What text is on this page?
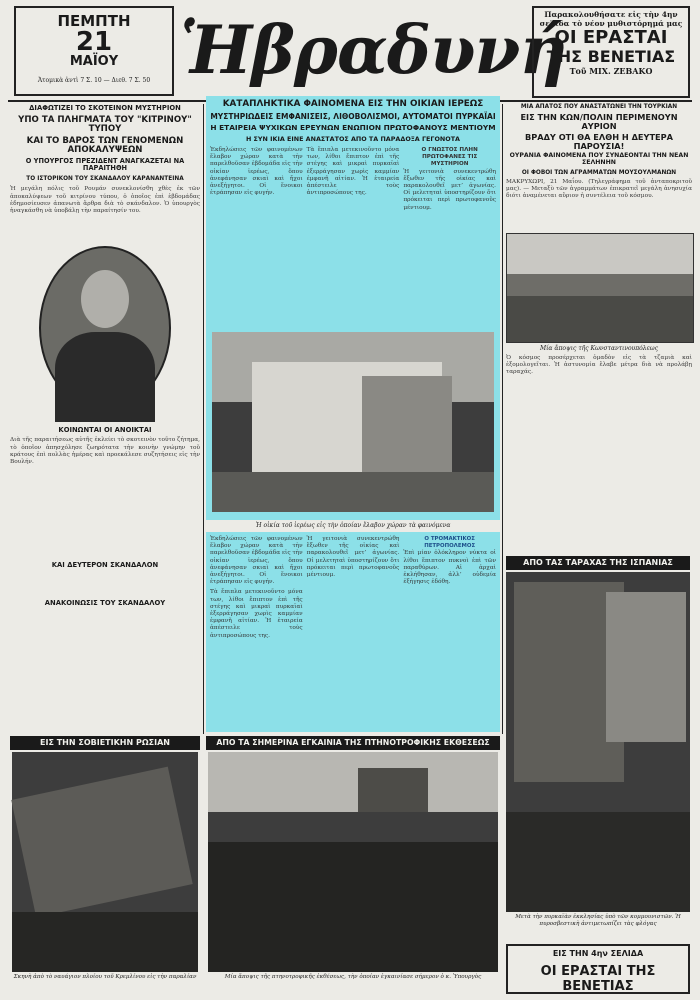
ΠΕΜΠΤΗ
21
ΜΑΪΟΥ
Ἀτομικὰ ἀντὶ 7 Σ. 10 — Διεθ. 7 Σ. 50 Ἡβραδυνή
Παρακολουθήσατε εἰς τὴν 4ην σελίδα τὸ νέον μυθιστόρημά μας
ΟΙ ΕΡΑΣΤΑΙ
ΤΗΣ ΒΕΝΕΤΙΑΣ
Τοῦ ΜΙΧ. ΖΕΒΑΚΟ
ΔΙΑΦΩΤΙΖΕΙ ΤΟ ΣΚΟΤΕΙΝΟΝ ΜΥΣΤΗΡΙΟΝ
ΥΠΟ ΤΑ ΠΛΗΓΜΑΤΑ ΤΟΥ "ΚΙΤΡΙΝΟΥ" ΤΥΠΟΥ
ΚΑΙ ΤΟ ΒΑΡΟΣ ΤΩΝ ΓΕΝΟΜΕΝΩΝ ΑΠΟΚΑΛΥΨΕΩΝ
Ο ΥΠΟΥΡΓΟΣ ΠΡΕΖΙΔΕΝΤ ΑΝΑΓΚΑΖΕΤΑΙ ΝΑ ΠΑΡΑΙΤΗΘΗ
ΤΟ ΙΣΤΟΡΙΚΟΝ ΤΟΥ ΣΚΑΝΔΑΛΟΥ ΚΑΡΑΝΑΝΤΕΙΝΑ

Ἡ μεγάλη πόλις τοῦ Ρουμάν συνεκλονίσθη χθὲς ἐκ τῶν ἀποκαλύψεων τοῦ κιτρίνου τύπου, ὁ ὁποῖος ἐπὶ ἑβδομάδας ἐδημοσίευσεν ἀπανωτὰ ἄρθρα διὰ τὸ σκάνδαλον. Ὁ ὑπουργὸς ἠναγκάσθη νὰ ὑποβάλῃ τὴν παραίτησίν του.

ΚΟΙΝΩΝΤΑΙ ΟΙ ΑΝΟΙΚΤΑΙ

Διὰ τῆς παραιτήσεως αὐτῆς ἐκλείει τὸ σκοτεινὸν τοῦτο ζήτημα, τὸ ὁποῖον ἀπησχόλησε ζωηρότατα τὴν κοινὴν γνώμην τοῦ κράτους ἐπὶ πολλὰς ἡμέρας καὶ προεκάλεσε συζητήσεις εἰς τὴν Βουλήν.

ΚΑΙ ΔΕΥΤΕΡΟΝ ΣΚΑΝΔΑΛΟΝ
ΑΝΑΚΟΙΝΩΣΙΣ ΤΟΥ ΣΚΑΝΔΑΛΟΥ
ΚΑΤΑΠΛΗΚΤΙΚΑ ΦΑΙΝΟΜΕΝΑ ΕΙΣ ΤΗΝ ΟΙΚΙΑΝ ΙΕΡΕΩΣ
ΜΥΣΤΗΡΙΩΔΕΙΣ ΕΜΦΑΝΙΣΕΙΣ, ΛΙΘΟΒΟΛΙΣΜΟΙ, ΑΥΤΟΜΑΤΟΙ ΠΥΡΚΑΪΑΙ
Η ΕΤΑΙΡΕΙΑ ΨΥΧΙΚΩΝ ΕΡΕΥΝΩΝ ΕΝΩΠΙΟΝ ΠΡΩΤΟΦΑΝΟΥΣ ΜΕΝΤΙΟΥΜ
Η ΣΥΝ ΙΚΙΑ ΕΙΝΕ ΑΝΑΣΤΑΤΟΣ ΑΠΟ ΤΑ ΠΑΡΑΔΟΞΑ ΓΕΓΟΝΟΤΑ

Ἐκδηλώσεις τῶν φαινομένων ἔλαβον χώραν κατὰ τὴν παρελθοῦσαν ἑβδομάδα εἰς τὴν οἰκίαν ἱερέως, ὅπου ἀνεφάνησαν σκιαὶ καὶ ἤχοι ἀνεξήγητοι. Οἱ ἔνοικοι ἐτράπησαν εἰς φυγήν.

Τὰ ἔπιπλα μετεκινοῦντο μόνα των, λίθοι ἔπιπτον ἐπὶ τῆς στέγης καὶ μικραὶ πυρκαϊαὶ ἐξερράγησαν χωρὶς καμμίαν ἐμφανῆ αἰτίαν. Ἡ ἑταιρεία ἀπέστειλε τοὺς ἀντιπροσώπους της.

Ο ΓΝΩΣΤΟΣ ΠΛΗΝ ΠΡΩΤΟΦΑΝΕΣ ΤΙΣ ΜΥΣΤΗΡΙΟΝ

Ἡ γειτονιὰ συνεκεντρώθη ἔξωθεν τῆς οἰκίας καὶ παρακολουθεῖ μετ’ ἀγωνίας. Οἱ μελετηταὶ ὑποστηρίζουν ὅτι πρόκειται περὶ πρωτοφανοῦς μέντιουμ.

Ἡ οἰκία τοῦ ἱερέως εἰς τὴν ὁποίαν ἔλαβον χώραν τὰ φαινόμενα

Ἐκδηλώσεις τῶν φαινομένων ἔλαβον χώραν κατὰ τὴν παρελθοῦσαν ἑβδομάδα εἰς τὴν οἰκίαν ἱερέως, ὅπου ἀνεφάνησαν σκιαὶ καὶ ἤχοι ἀνεξήγητοι. Οἱ ἔνοικοι ἐτράπησαν εἰς φυγήν.

Τὰ ἔπιπλα μετεκινοῦντο μόνα των, λίθοι ἔπιπτον ἐπὶ τῆς στέγης καὶ μικραὶ πυρκαϊαὶ ἐξερράγησαν χωρὶς καμμίαν ἐμφανῆ αἰτίαν. Ἡ ἑταιρεία ἀπέστειλε τοὺς ἀντιπροσώπους της.

Ἡ γειτονιὰ συνεκεντρώθη ἔξωθεν τῆς οἰκίας καὶ παρακολουθεῖ μετ’ ἀγωνίας. Οἱ μελετηταὶ ὑποστηρίζουν ὅτι πρόκειται περὶ πρωτοφανοῦς μέντιουμ.

Ο ΤΡΟΜΑΚΤΙΚΟΣ ΠΕΤΡΟΠΟΛΕΜΟΣ

Ἐπὶ μίαν ὁλόκληρον νύκτα οἱ λίθοι ἔπιπτον πυκνοὶ ἐπὶ τῶν παραθύρων. Αἱ ἀρχαὶ ἐκλήθησαν, ἀλλ’ οὐδεμία ἐξήγησις ἐδόθη.

ΜΙΑ ΑΠΑΤΟΣ ΠΟΥ ΑΝΑΣΤΑΤΩΝΕΙ ΤΗΝ ΤΟΥΡΚΙΑΝ
ΕΙΣ ΤΗΝ ΚΩΝ/ΠΟΛΙΝ ΠΕΡΙΜΕΝΟΥΝ ΑΥΡΙΟΝ
ΒΡΑΔΥ ΟΤΙ ΘΑ ΕΛΘΗ Η ΔΕΥΤΕΡΑ ΠΑΡΟΥΣΙΑ!
ΟΥΡΑΝΙΑ ΦΑΙΝΟΜΕΝΑ ΠΟΥ ΣΥΝΔΕΟΝΤΑΙ ΤΗΝ ΝΕΑΝ ΣΕΛΗΝΗΝ
ΟΙ ΦΟΒΟΙ ΤΩΝ ΑΓΡΑΜΜΑΤΩΝ ΜΟΥΣΟΥΛΜΑΝΩΝ

ΜΑΚΡΥΧΩΡΙ, 21 Μαΐου. (Τηλεγράφημα τοῦ ἀνταποκριτοῦ μας). — Μεταξὺ τῶν ἀγραμμάτων ἐπικρατεῖ μεγάλη ἀνησυχία διότι ἀναμένεται αὔριον ἡ συντέλεια τοῦ κόσμου.

Μία ἄποψις τῆς Κωνσταντινουπόλεως

Ὁ κόσμος προσέρχεται ὁμαδὸν εἰς τὰ τζαμιὰ καὶ ἐξομολογεῖται. Ἡ ἀστυνομία ἔλαβε μέτρα διὰ νὰ προλάβῃ ταραχάς.

ΑΠΟ ΤΑΣ ΤΑΡΑΧΑΣ ΤΗΣ ΙΣΠΑΝΙΑΣ
Μετὰ τὴν πυρκαϊὰν ἐκκλησίας ὑπὸ τῶν κομμουνιστῶν. Ἡ πυροσβεστικὴ ἀντιμετωπίζει τὰς φλόγας
ΕΙΣ ΤΗΝ ΣΟΒΙΕΤΙΚΗΝ ΡΩΣΙΑΝ
Σκηνὴ ἀπὸ τὸ ναυάγιον πλοίου τοῦ Κρεμλίνου εἰς τὴν παραλίαν
ΑΠΟ ΤΑ ΣΗΜΕΡΙΝΑ ΕΓΚΑΙΝΙΑ ΤΗΣ ΠΤΗΝΟΤΡΟΦΙΚΗΣ ΕΚΘΕΣΕΩΣ
Μία ἄποψις τῆς πτηνοτροφικῆς ἐκθέσεως, τὴν ὁποίαν ἐγκαινίασε σήμερον ὁ κ. Ὑπουργὸς
ΕΙΣ ΤΗΝ 4ην ΣΕΛΙΔΑ
ΟΙ ΕΡΑΣΤΑΙ ΤΗΣ ΒΕΝΕΤΙΑΣ
